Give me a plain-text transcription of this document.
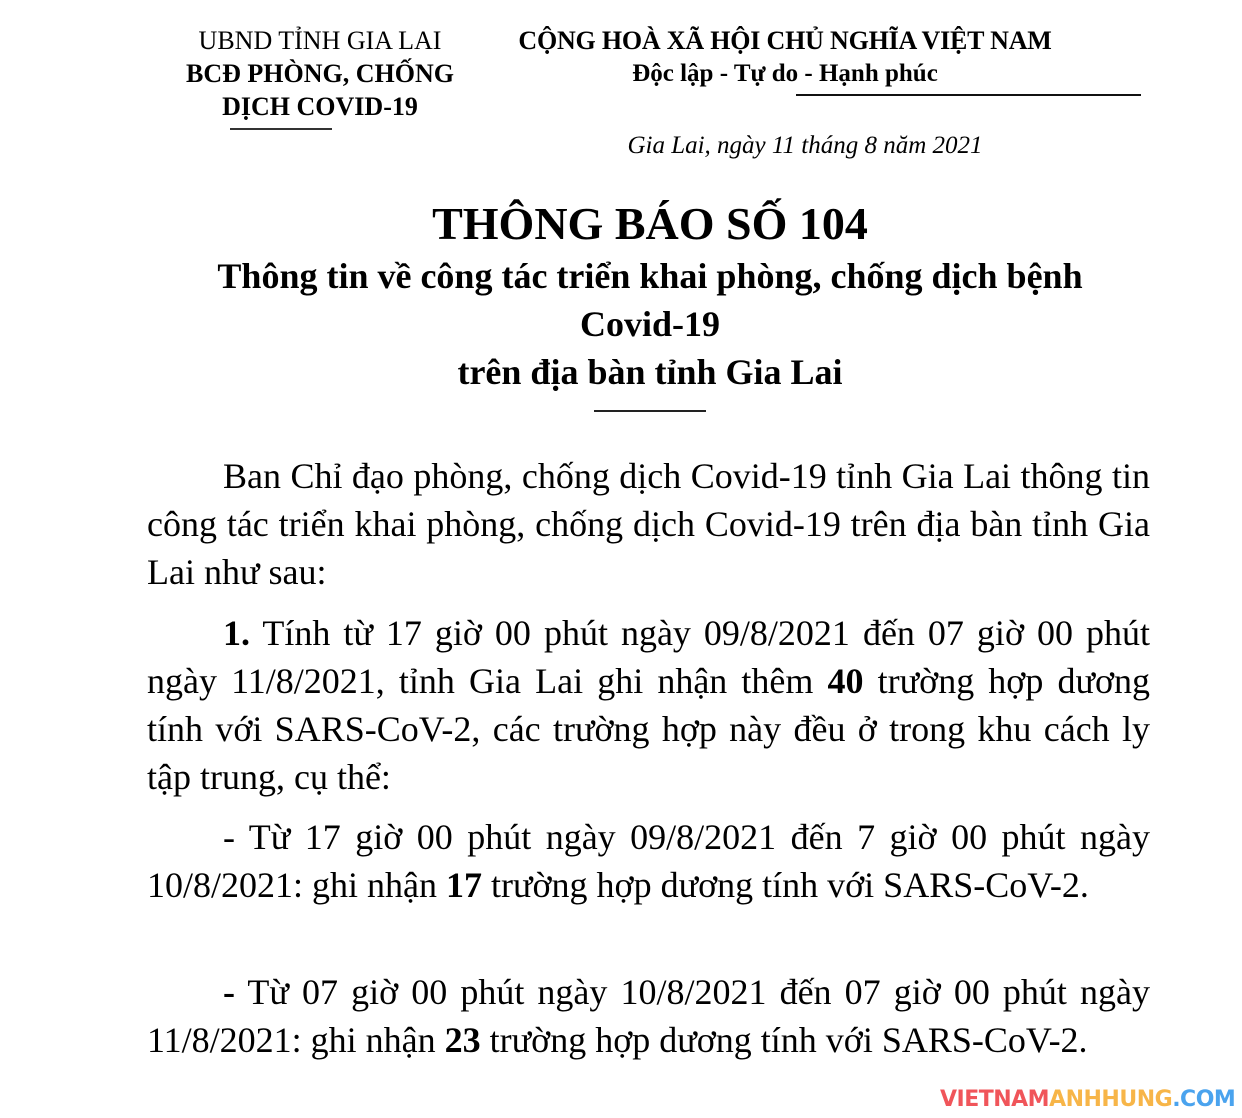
UBND TỈNH GIA LAI
BCĐ PHÒNG, CHỐNG
DỊCH COVID-19
CỘNG HOÀ XÃ HỘI CHỦ NGHĨA VIỆT NAM
Độc lập - Tự do - Hạnh phúc
Gia Lai, ngày 11 tháng 8 năm 2021
THÔNG BÁO SỐ 104
Thông tin về công tác triển khai phòng, chống dịch bệnh
Covid-19
trên địa bàn tỉnh Gia Lai

Ban Chỉ đạo phòng, chống dịch Covid-19 tỉnh Gia Lai thông tin công tác triển khai phòng, chống dịch Covid-19 trên địa bàn tỉnh Gia Lai như sau:

1. Tính từ 17 giờ 00 phút ngày 09/8/2021 đến 07 giờ 00 phút ngày 11/8/2021, tỉnh Gia Lai ghi nhận thêm 40 trường hợp dương tính với SARS-CoV-2, các trường hợp này đều ở trong khu cách ly tập trung, cụ thể:

- Từ 17 giờ 00 phút ngày 09/8/2021 đến 7 giờ 00 phút ngày 10/8/2021: ghi nhận 17 trường hợp dương tính với SARS-CoV-2.

- Từ 07 giờ 00 phút ngày 10/8/2021 đến 07 giờ 00 phút ngày 11/8/2021: ghi nhận 23 trường hợp dương tính với SARS-CoV-2.

VIETNAMANHHUNG.COM
